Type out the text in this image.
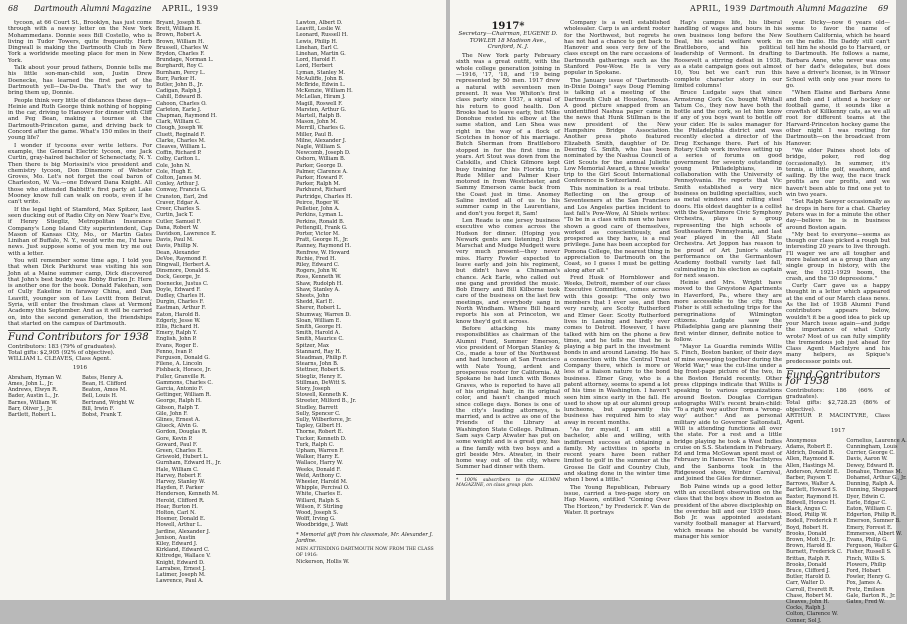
68 Dartmouth Alumni Magazine APRIL, 1939

tycoon, at 66 Court St., Brooklyn, has just come through with a newsy letter on the New York Mohammedans. Donnie sees Bill Costello, who is living in Tudor Towers, quite frequently. Herb Dingwall is making the Dartmouth Club in New York a worldwide meeting place for men in New York.

Talk about your proud fathers, Donnie tells me his little son-man-child son, Justin Drew Doenecke, has learned the first part of the Dartmouth yell—Da-Da-Da. That's the way to bring them up, Donnie.

People think very little of distances these days—Heinie and Ruth George think nothing of hopping in the car, driving to Hanover for dinner with Cliff and Peg Bean, making a tournee at the Dartmouth-Princeton game, and driving back to Concord after the game. What's 150 miles in their young life?

I wonder if tycoons ever write letters. For example, the General Electric tycoon, one Jack Curtin, gray-haired bachelor of Schenectady, N. Y. Then there is big Morissini's vice president and chemistry tycoon, Don Dinsmore of Webster Groves, Mo. Let's not forget the coal baron of Charleston, W. Va.—one Edward Dana Knight. All those who attended Babbitt's first party at Lake Mooney know full can walk on roots, even if he can't write.

If the legal light of Stamford, Max Spitzer, last seen ducking out of Radio City on New Year's Eve, if Henry Stiegliz, Metropolitan Insurance Company's Long Island City superintendent, Cap Mason of Kansas City, Mo., or Martin Gates Linihan of Buffalo, N. Y., would write me, I'd have news. Just suppose some of you men try me out with a letter.

You will remember some time ago, I told you that when Dick Parkhurst was visiting his son John at a Maine summer camp, Dick discovered that John's best buddy was Bobby Burlen Jr. Here is another one for the book. Donald Fakehan, son of Cully Eakeline in faraway China, and Dan Leavitt, younger son of Les Levitt from Beirut, Syria, will enter the freshman class at Vermont Academy this September. And as it will be carried on, into the second generation, the friendships that started on the campus of Dartmouth.

Fund Contributors for 1938
Contributors: 183 (79% of graduates).
Total gifts: $2,905 (92% of objective).
WILLIAM L. CLEAVES, Class Agent.
1916
Abraham, Hyman W.
Ames, John L., Jr.
Andrews, Elwyn R.
Bader, Austin L., Jr.
Barnes, William W.
Barr, Oliver J., Jr.
Bartlett, Robert L.
Bates, Henry A.
Bean, H. Clifford
Beaton, Amos M.
Bell, Louis H.
Bertrand, Wright W.
Bill, Irwin F.
Bobst, Frank T.
Bryant, Joseph B.
Brett, William H.
Brown, Robert A.
Brown, William H.
Brussell, Charles W.
Brydon, Charles F.
Brundage, Norman L.
Burghardt, Roy C.
Burnham, Percy L.
Burr, Parker H.
Butler, John B., Jr.
Cadigan, Ralph J.
Cahill, Edward B.
Cahoon, Charles O.
Carleton, Earle J.
Chapman, Raymond H.
Clark, William C.
Clough, Joseph W.
Cluett, Reginald F.
Clarke, Charles M.
Cleaves, William L.
Coffin, Richard P.
Colby, Carlton L.
Cole, John N.
Cole, Hugh E.
Colton, James M.
Conley, Arthur J.
Conway, Francis G.
Cranston, Earl, 2nd
Craver, Edgar A.
Creer, Charles S.
Curtin, Jack T.
Cutler, Samuel F.
Dana, Robert W.
Davidson, Lawrence E.
Davis, Paul M.
Davis, Phillip N.
Dean, Alexander
DeVoe, Raymond F.
Dingwall, Herbert A.
Dinsmore, Donald S.
Dock, George, Jr.
Doenecke, Justus C.
Doyle, Edward F.
Dudley, Charles H.
Durgin, Charles F.
Eastman, Arthur F.
Eaton, Harold B.
Edgerly, Jesse W.
Ellis, Richard H.
Emery, Ralph Y.
English, John P.
Evans, Roger E.
Fenno, Ivan P.
Ferguson, Donald G.
Filene, A. Lincoln
Fishback, Horace, Jr.
Fuller, Granville R.
Gammons, Charles C.
Garcia, Antonio F.
Gettinger, William R.
George, Ralph H.
Gibson, Ralph T.
Gile, John F.
Glines, Ernest A.
Glueck, Alvin G.
Gordon, Douglas R.
Gore, Kevin P.
Goward, Paul F.
Green, Charles E.
Griswold, Hubert L.
Gurnham, Edward H., Jr.
Hale, William C.
Harvey, Robert F.
Harvey, Stanley W.
Hayden, F. Parker
Henderson, Kenneth M.
Herold, Clifford R.
Hoar, Burton H.
Holton, Carl N.
Hosmer, Donald E.
Howell, Arthur L.
Jardine, Alexander J.
Jenison, Austin
Kiley, Edward J.
Kirkland, Edward C.
Kittredge, Wallace V.
Knight, Edward D.
Larrabee, Ernest J.
Latimer, Joseph M.
Lawrence, Paul A.
Lawton, Albert D.
Leavitt, Leslie W.
Leonard, Russell H.
Lewis, Philip H.
Linehan, Earl C.
Linehan, Martin G.
Lord, Harold F.
Lord, Herbert
Lyman, Stanley M.
McAuliffe, John B.
McBride, Edwin L.
McKenzie, William H.
McLellan, Hiram J.
Magill, Roswell F.
Marsten, Arthur G.
Martell, Ralph B.
Mason, John M.
Merrill, Charles G.
Miller, Paul B.
Milne, Alexander J.
Nagle, William S.
Newcomb, Joseph D.
Osborn, William B.
Parker, George D.
Palmer, Clarence A.
Parker, Howard F.
Parker, Ralph M.
Parkhurst, Richard
Partridge, Charles H.
Peirce, Roger W.
Pelletier, John A.
Perkins, Lyman L.
Perkins, Ronald B.
Pettengill, Frank G.
Porter, Victor M.
Pratt, George H., Jr.
Ranney, Raymond H.
Renfrew, W. Howard
Richie, Fred H.
Riley, Edward C.
Rogers, John W.
Ross, Kenneth W.
Shaw, Rudolph H.
Shaw, Stanley A.
Sheets, John
Shedd, Karl E.
Sherer, Robert L.
Shumway, Warren D.
Sloan, William E.
Smith, George H.
Smith, Harold A.
Smith, Maurice C.
Spitzer, Max
Stannard, Ray H.
Steadman, Philip F.
Stearns, John B.
Stettner, Robert S.
Stiegliz, Henry E.
Stillman, DeWitt S.
Story, Joseph
Stowell, Kenneth K.
Streeter, Milford B., Jr.
Studley, Barrett
Sully, Spencer C.
Sully, Wilberforce, Jr.
Tapley, Gilbert H.
Thorne, Robert E.
Tucker, Kenneth D.
Turk, Ralph C.
Upham, Warren F.
Walker, Harry E.
Wallace, Harry W.
Weeks, Donald F.
Weld, Anthony C.
Wheeler, Harold M.
Whipple, Percival O.
White, Charles E.
Willard, Ralph S.
Wilson, F. Stirling
Wood, Joseph S.
Wolff, Irving G.
Woodbridge, J. Watt
* Memorial gift from his classmate, Mr. Alexander J. Jardine.
MEN ATTENDING DARTMOUTH NOW FROM THE CLASS OF 1916:
Nickerson, Hollis W.
APRIL, 1939 Dartmouth Alumni Magazine 69
1917*
Secretary—Chairman, EUGENE D. TOWLER 18 Madison Ave., Cranford, N. J.

The New York party February sixth was a great outfit, with the whole college generation joining in—1916, '17, '18, and '19 being represented by 50 men. 1917 drew a natural with seventeen men present. It was Vee Whiton's first class party since 1937, a signal of his return to good health. Don Brooks had to leave early, but Mike Donohue rested his elbow at the same station, and Len Shea was right in the way of a flock of Scotches in honor of his marriage. Butch Sherman from Brattleboro stopped in for the first time in years. Art Stout was down from the Catskills, and Chick Gilmore kept busy training for his Florida trip. Rude Miller and Palmer Kiser motored in from Westchester, and Sammy Emerson came back from the Coast just in time. Anomey Saline invited all of us to his summer camp in the Laurentians, and don't you forget it, Sam!

Len Reade is one jersey business executive who comes across the Hudson for dinner. (Hoping you Newark gents are listening.) Dick Marschat and Mudge Mudgett were very much present—they never miss. Harry Fowler expected to leave early and join his regiment, but didn't have a Chinaman's chance. Ack Earle, who called out one gang and provided the music. Bob Emery and Bill Kilborne took care of the business on the last few meetings, and everybody sang in North Windham. Where Bill heard reports his son at Princeton, we know they'd got it across.

Before attacking his many responsibilities as chairman of the Alumni Fund, Summer Emerson, vice president of Morgan Stanley & Co., made a tour of the Northwest and had luncheon at San Francisco with Nate Young, ardent and prosperous rooter for California. At Spokane he had lunch with Bones Graves, who is reported to have all of his original hair, in its original color, and hasn't changed much since college days. Bones is one of the city's leading attorneys, is married, and is active as one of the Friends of the Library at Washington State College. Pullman. Sam says Carp Atwater has put on some weight and is a great guy, has a fine family with two boys and a girl beside Mrs. Atwater, in their home way out of the city, where Summer had dinner with them.

* 100% subscribers to the ALUMNI MAGAZINE, on class group plan.

Company is a well established wholesaler. Carp is an ardent rooter for the Northwest, but regrets he has not had a chance to get back to Hanover and sees very few of the class except on the rare occasions of Dartmouth gatherings such as the Stanford Pow-Wow. He is very popular in Spokane.

The January issue of "Dartmouth-in-Dixie Doings" says Doug Fleming is talking at a meeting of the Dartmouth Club at Houston, Texas. A good picture snapped from an unidentified Nashua paper came in the news that Hunk Stillman is the new president of the New Hampshire Bridge Association. Another press photo featured Elizabeth Smith, daughter of Dr. Deering G. Smith, who has been nominated by the Nashua Council of Girl Scouts for the annual Juliette Low Memorial Award, a three weeks' trip to the Girl Scout International Conference in Switzerland.

This nomination is a real tribute. Reflecting on the group of Seventeeners at the San Francisco and Los Angeles parties incident to last fall's Pow-Wow, Al Shiels writes: "To be in a class with men who have shown a good care of themselves, worked as conscientiously, and prospered as they have, is a real privilege. Jane has been accepted for Pomona College, the nearest thing in appreciation to Dartmouth on the Coast, so I guess I must be getting along after all."

Fred Husk of Hornblower and Weeks, Detroit, member of our class Executive Committee, comes across with this gossip: "The only two members that I ever see, and then very rarely, are Scotty Rutherford and Elmer Geer. Scotty Rutherford lives in Lansing and hardly ever comes to Detroit. However, I have talked with him on the phone a few times, and he tells me that he is playing a big part in the investment bonds in and around Lansing. He has a connection with the Central Trust Company there, which is more or less of a liaison nature to the bond business. Elmer Gray, who is a patent attorney, seems to spend a lot of his time in Washington. I haven't seen him since early in the fall. He used to show up at our alumni group luncheons, but apparently his business has required him to stay away in recent months.

"As for myself, I am still a bachelor, able and willing, with indifferent success at obtaining a family. My activities in sports in recent years have been rather limited to golf in the summer at the Grosse Ile Golf and Country Club, and skating done in the winter time when I bowl a little."

The Young Republican, February issue, carried a two-page story on Hap Mason, entitled "Coming Over The Horizon," by Frederick F. Van de Water. It portrays

Hap's campus life, his liberal handling of wages and hours in his own business long before the New Deal, his social welfare work in Brattleboro, and his political leadership of Vermont. In drafting Roosevelt a stirring defeat in 1938, as a state campaign goes out almost 10, You bet we can't run this complete character story in our limited columns!

Bruce Ludgate says that since Armstrong Cork Co. bought Whitall Tatum Co., they now have both the bottle and the cork, so let him know if any of you boys want to bottle off your cider. He is sales manager for the Philadelphia district and was recently elected a director of the Drug Exchange there. Part of his Rotary Club work involves setting up a series of forums on good government for seventy outstanding young Philadelphians, in collaboration with the University of Pennsylvania. He reports that Vic Smith established a very nice business on building specialties, such as metal windows and rolling steel doors. His oldest daughter is a cellist with the Swarthmore Civic Symphony Orchestra, plays in a group representing the high schools of Southeastern Pennsylvania, and last year played in the All State Orchestra. Art Joppon has reason to be proud of Art Junior's stellar performance on the Germantown Academy football varsity last fall, culminating in his election as captain for next season.

Heinie and Mrs. Wright have moved to the Greystone Apartments in Haverford, Pa., where they are more accessible to the city. Russ Fisher is still scheduling trips for the peregrinations of Wilmington citizens. Ludgate saw the Philadelphia gang are planning their first winter dinner, definite notice to follow.

"Mayor La Guardia reminds Willis S. Finch, Boston banker, of their days of mine sweeping together during the World War," was the cut-line under a big front-page picture of the two, in the Boston Herald recently. Other press clippings indicate that Willis is speaking to various organizations around Boston. Douglas Corrigan autographs Will's recent brain-child: "To a right way author from a 'wrong-way' author." And as personal military aide to Governor Saltonstall, Will is attending functions all over the state. For a rest and a little bridge playing he took a West Indies cruise on S.S. Statendam in February. Ed and Irma McGowan spent most of February in Hanover. The MacIntyres and the Sanborns took in the Ridgewood show, Winter Carnival, and joined the Giles for dinner.

Bob Paine winds up a good letter with an excellent observation on the class that the boys show in Boston as president of the above discipleship on the overdue bill and our 1939 dues. Bob Jr. was appointed assistant varsity football manager at Harvard, which means he should be varsity manager his senior

year. Dicky—now 6 years old—seems to favor the name of Southern California, which he heard on the radio. His Daddy still can't tell him he should go to Harvard, or to Dartmouth. He follows a name, Barbara Anne, who never was one of her dad's delegates, but does have a driver's license, is in Winsor School with only one year more to go.

"When Elaine and Barbara Anne and Bob and I attend a hockey or football game, it sounds like a crawfish of Killkenny cats, as we all root for different teams at the Harvard-Princeton hockey game the other night I was rooting for Dartmouth—on the broadcast from Hanover.

"We elder Paines shoot lots of bridge, poker, red dog (occasionally). In summer, it's tennis, a little golf, seashore, and sailing. By the way, the race track profits are our profits, and we haven't been able to find one yet to win two years.

"Set Ralph Sawyer occasionally as he drops in here for a chat. Charley Peters was in for a minute the other day—believe he is in business around Boston again.

"My best to everyone—seems as though our class picked a rough but interesting 20 years to live through. I'll wager we are all tougher and more balanced as a group than any single group in history, with the war, the 1921-1929 boom, the crash, and the '30 depressions."

Curly Carr gave us a happy thought in a letter which appeared at the end of our March class news. As the list of 1938 Alumni Fund contributors appears below, wouldn't it be a good idea to pick up your March issue again—and judge the importance of what Curly wrote? Most of us can fully simplify the tremendous job just ahead for Class Agent MacIntyre and his many helpers, as Spique's predecessor points out.

Fund Contributors for 1938
Contributors: 186 (66% of graduates).
Total gifts: $2,728.25 (86% of objective).
ARTHUR P. MACINTYRE, Class Agent.
1917
Anonymous
Adams, Robert E.
Aldrich, Donald B.
Allen, Raymond K.
Allen, Hastings M.
Anderson, Arnold E.
Barber, Payson T.
Barrows, Walter A.
Bartlett, Howard S.
Baxter, Raymond H.
Bidwell, Horace H.
Black, Angus C.
Blood, Philip W.
Bodell, Frederick F.
Boyd, Robert H.
Brooks, Donald
Brown, Mott D., Jr.
Brown, Harold B.
Burnett, Frederick C.
Brittan, Ralph R.
Brooks, Donald
Bruce, Clifford J.
Butler, Harold D.
Carr, Walter D.
Carroll, Everett R.
Chase, Robert M.
Cleaves, John H.
Cocks, Ralph J.
Colton, Clarence W.
Conner, Sol J.
Cornelius, Laurence A.
Cunningham, Louis
Currier, George C.
Davis, Aaron W.
Dewey, Edward R.
Donahue, Thomas M.
Dohamel, Arthur G., Jr.
Dunning, Ralph A.
Dunning, Sheppard
Dyer, Edwin C.
Earle, Edgar C.
Eaton, William C.
Edgerton, Philip R.
Emerson, Sumner B.
Emery, Forrest E.
Emmerson, Albert W.
Evans, Philip G.
Ferguson, Walter G.
Fisher, Russell S.
Finch, Willis S.
Flowers, Philip
Ford, Hobart
Fowler, Henry G.
Fox, James A.
Fretz, Emilson
Gale, Barton R., Jr.
Gates, Fred W.
